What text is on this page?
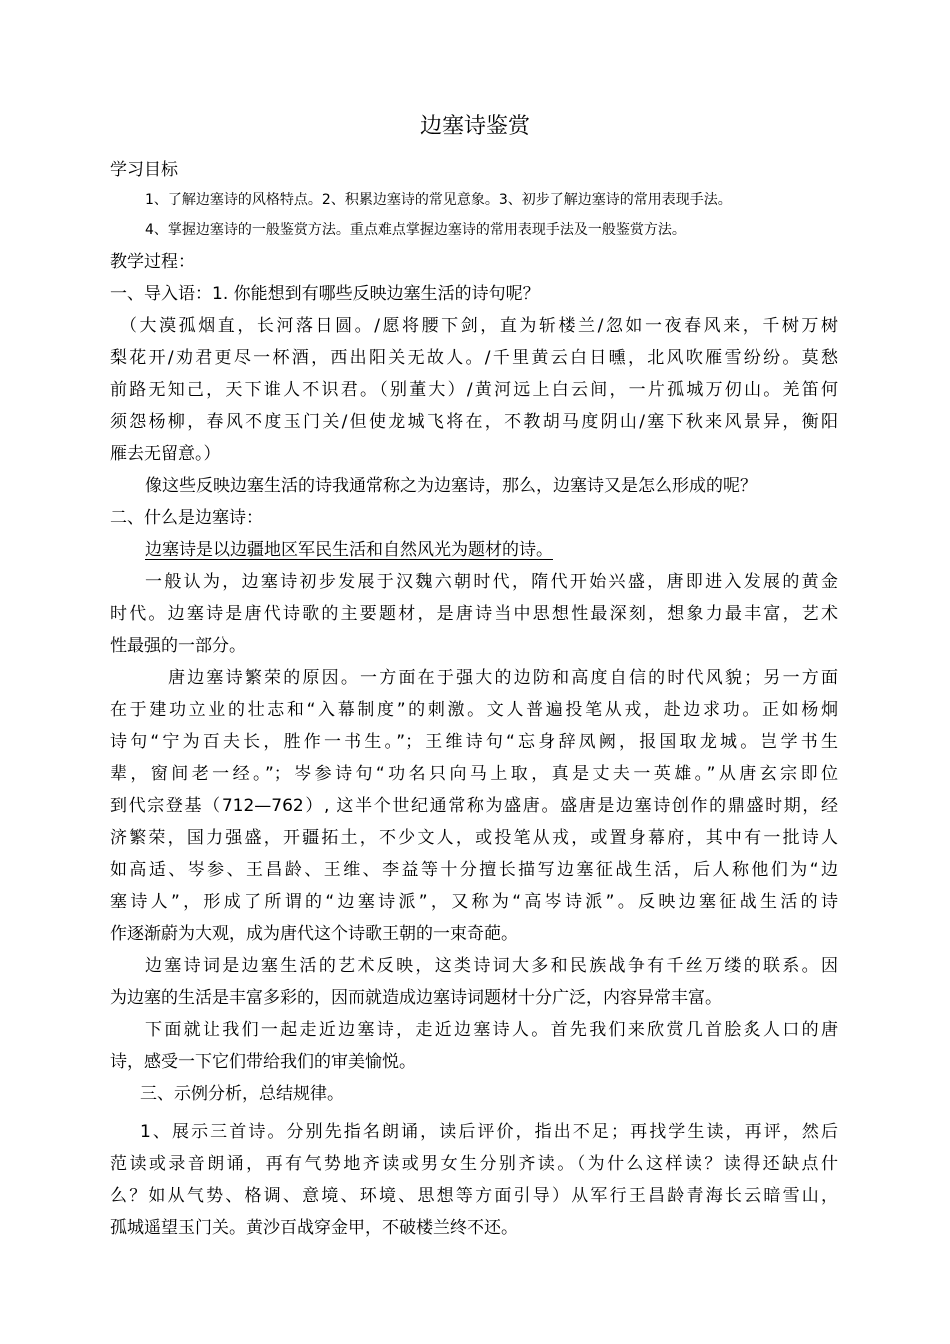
边塞诗鉴赏
学习目标
1、了解边塞诗的风格特点。2、积累边塞诗的常见意象。3、初步了解边塞诗的常用表现手法。
4、掌握边塞诗的一般鉴赏方法。重点难点掌握边塞诗的常用表现手法及一般鉴赏方法。
教学过程：
一、导入语：1. 你能想到有哪些反映边塞生活的诗句呢？
（大漠孤烟直，长河落日圆。/愿将腰下剑，直为斩楼兰/忽如一夜春风来，千树万树
梨花开/劝君更尽一杯酒，西出阳关无故人。/千里黄云白日曛，北风吹雁雪纷纷。莫愁
前路无知己，天下谁人不识君。（别董大）/黄河远上白云间，一片孤城万仞山。羌笛何
须怨杨柳，春风不度玉门关/但使龙城飞将在，不教胡马度阴山/塞下秋来风景异，衡阳
雁去无留意。）
像这些反映边塞生活的诗我通常称之为边塞诗，那么，边塞诗又是怎么形成的呢？
二、什么是边塞诗：
边塞诗是以边疆地区军民生活和自然风光为题材的诗。
一般认为，边塞诗初步发展于汉魏六朝时代，隋代开始兴盛，唐即进入发展的黄金
时代。边塞诗是唐代诗歌的主要题材，是唐诗当中思想性最深刻，想象力最丰富，艺术
性最强的一部分。
唐边塞诗繁荣的原因。一方面在于强大的边防和高度自信的时代风貌；另一方面
在于建功立业的壮志和“入幕制度”的刺激。文人普遍投笔从戎，赴边求功。正如杨炯
诗句“宁为百夫长，胜作一书生。”；王维诗句“忘身辞凤阙，报国取龙城。岂学书生
辈，窗间老一经。”；岑参诗句“功名只向马上取，真是丈夫一英雄。”从唐玄宗即位
到代宗登基（712—762）, 这半个世纪通常称为盛唐。盛唐是边塞诗创作的鼎盛时期，经
济繁荣，国力强盛，开疆拓土，不少文人，或投笔从戎，或置身幕府，其中有一批诗人
如高适、岑参、王昌龄、王维、李益等十分擅长描写边塞征战生活，后人称他们为“边
塞诗人”，形成了所谓的“边塞诗派”，又称为“高岑诗派”。反映边塞征战生活的诗
作逐渐蔚为大观，成为唐代这个诗歌王朝的一束奇葩。
边塞诗词是边塞生活的艺术反映，这类诗词大多和民族战争有千丝万缕的联系。因
为边塞的生活是丰富多彩的，因而就造成边塞诗词题材十分广泛，内容异常丰富。
下面就让我们一起走近边塞诗，走近边塞诗人。首先我们来欣赏几首脍炙人口的唐
诗，感受一下它们带给我们的审美愉悦。
三、示例分析，总结规律。
1、展示三首诗。分别先指名朗诵，读后评价，指出不足；再找学生读，再评，然后
范读或录音朗诵，再有气势地齐读或男女生分别齐读。（为什么这样读？读得还缺点什
么？如从气势、格调、意境、环境、思想等方面引导）从军行王昌龄青海长云暗雪山，
孤城遥望玉门关。黄沙百战穿金甲，不破楼兰终不还。
